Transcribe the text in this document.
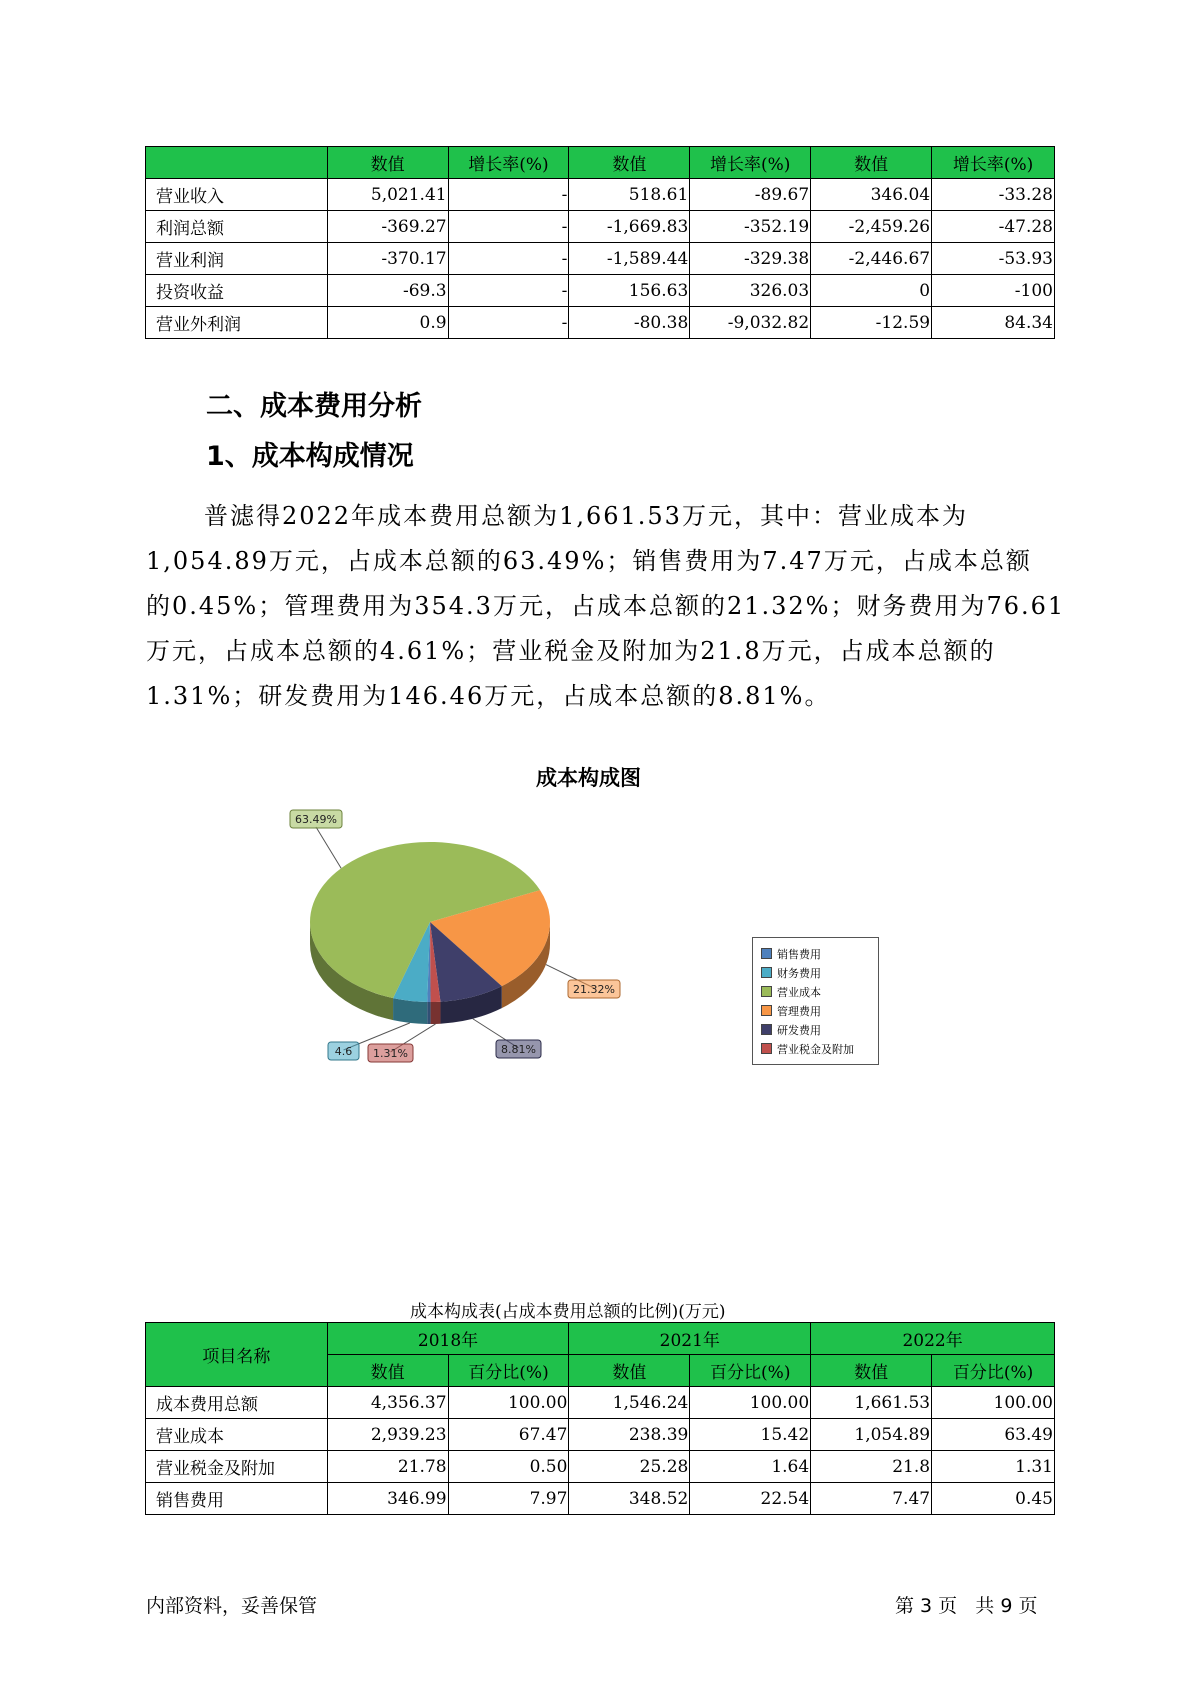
	数值	增长率(%)	数值	增长率(%)	数值	增长率(%)
营业收入	5,021.41	-	518.61	-89.67	346.04	-33.28
利润总额	-369.27	-	-1,669.83	-352.19	-2,459.26	-47.28
营业利润	-370.17	-	-1,589.44	-329.38	-2,446.67	-53.93
投资收益	-69.3	-	156.63	326.03	0	-100
营业外利润	0.9	-	-80.38	-9,032.82	-12.59	84.34
二、成本费用分析
1、成本构成情况
普滤得2022年成本费用总额为1,661.53万元，其中：营业成本为
1,054.89万元，占成本总额的63.49%；销售费用为7.47万元，占成本总额
的0.45%；管理费用为354.3万元，占成本总额的21.32%；财务费用为76.61
万元，占成本总额的4.61%；营业税金及附加为21.8万元，占成本总额的
1.31%；研发费用为146.46万元，占成本总额的8.81%。
成本构成图
4.6
63.49%
21.32%
8.81%
1.31%
销售费用
财务费用
营业成本
管理费用
研发费用
营业税金及附加
成本构成表(占成本费用总额的比例)(万元)
项目名称	2018年		2021年		2022年	
	数值	百分比(%)	数值	百分比(%)	数值	百分比(%)
成本费用总额	4,356.37	100.00	1,546.24	100.00	1,661.53	100.00
营业成本	2,939.23	67.47	238.39	15.42	1,054.89	63.49
营业税金及附加	21.78	0.50	25.28	1.64	21.8	1.31
销售费用	346.99	7.97	348.52	22.54	7.47	0.45
内部资料，妥善保管	第 3 页   共 9 页
